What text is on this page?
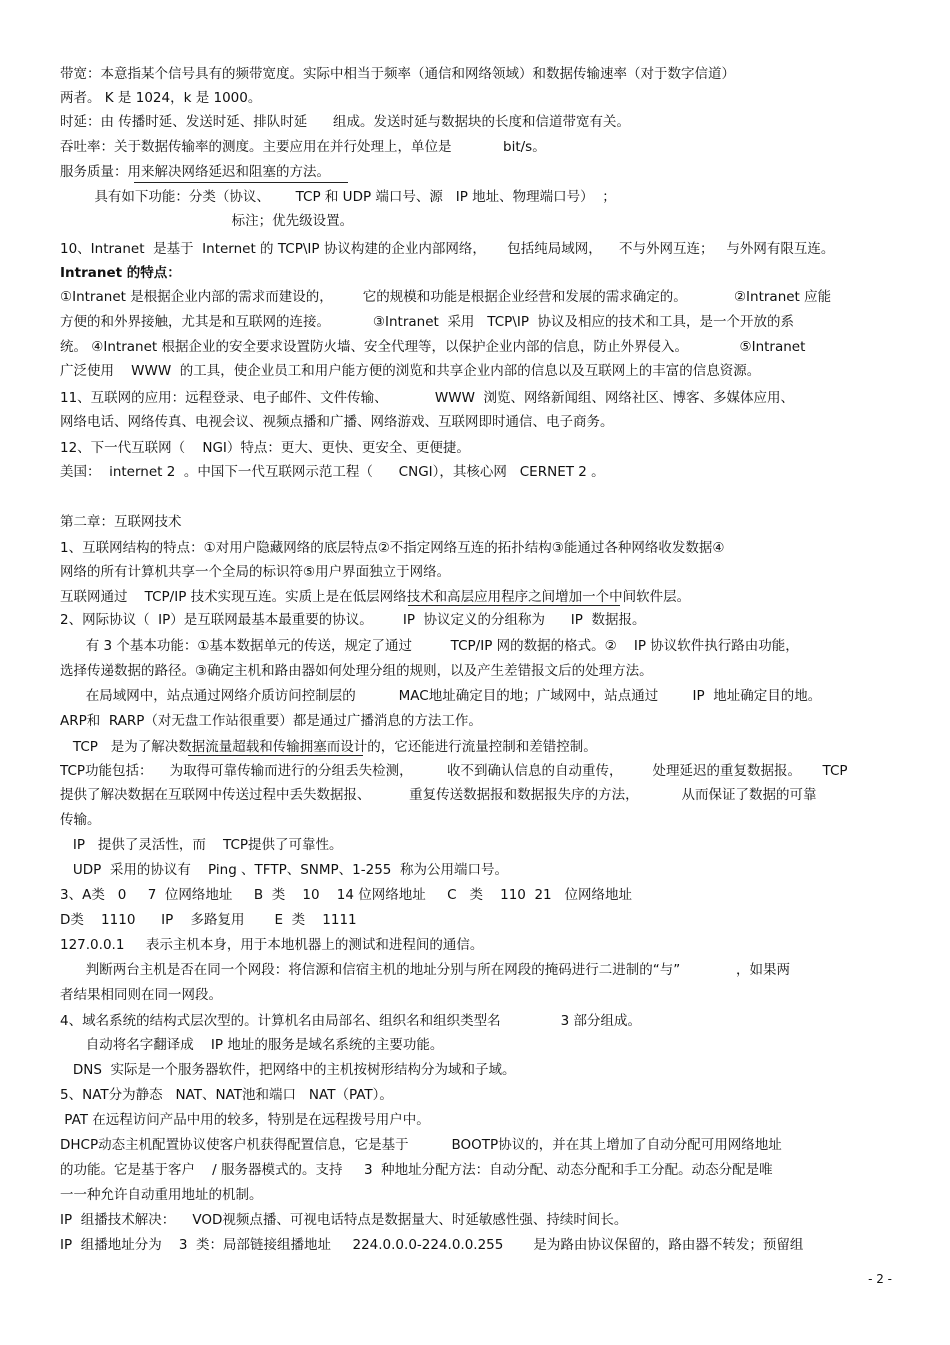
带宽：本意指某个信号具有的频带宽度。实际中相当于频率（通信和网络领域）和数据传输速率（对于数字信道）
两者。 K 是 1024，k 是 1000。
时延：由 传播时延、发送时延、排队时延      组成。发送时延与数据块的长度和信道带宽有关。
吞吐率：关于数据传输率的测度。主要应用在并行处理上，单位是            bit/s。
服务质量：用来解决网络延迟和阻塞的方法。
具有如下功能：分类（协议、      TCP 和 UDP 端口号、源   IP 地址、物理端口号）  ；
标注；优先级设置。
10、Intranet  是基于  Internet 的 TCP\IP 协议构建的企业内部网络，     包括纯局域网，    不与外网互连；   与外网有限互连。
Intranet 的特点：
①Intranet 是根据企业内部的需求而建设的，       它的规模和功能是根据企业经营和发展的需求确定的。           ②Intranet 应能
方便的和外界接触，尤其是和互联网的连接。          ③Intranet  采用   TCP\IP  协议及相应的技术和工具，是一个开放的系
统。 ④Intranet 根据企业的安全要求设置防火墙、安全代理等，以保护企业内部的信息，防止外界侵入。            ⑤Intranet
广泛使用    WWW  的工具，使企业员工和用户能方便的浏览和共享企业内部的信息以及互联网上的丰富的信息资源。
11、互联网的应用：远程登录、电子邮件、文件传输、           WWW  浏览、网络新闻组、网络社区、博客、多媒体应用、
网络电话、网络传真、电视会议、视频点播和广播、网络游戏、互联网即时通信、电子商务。
12、下一代互联网（    NGI）特点：更大、更快、更安全、更便捷。
美国：  internet 2  。中国下一代互联网示范工程（      CNGI），其核心网   CERNET 2 。
第二章：互联网技术
1、互联网结构的特点：①对用户隐藏网络的底层特点②不指定网络互连的拓扑结构③能通过各种网络收发数据④
网络的所有计算机共享一个全局的标识符⑤用户界面独立于网络。
互联网通过    TCP/IP 技术实现互连。实质上是在低层网络技术和高层应用程序之间增加一个中间软件层。
2、网际协议（  IP）是互联网最基本最重要的协议。       IP  协议定义的分组称为      IP  数据报。
有 3 个基本功能：①基本数据单元的传送，规定了通过         TCP/IP 网的数据的格式。②    IP 协议软件执行路由功能，
选择传递数据的路径。③确定主机和路由器如何处理分组的规则，以及产生差错报文后的处理方法。
在局域网中，站点通过网络介质访问控制层的          MAC地址确定目的地；广域网中，站点通过        IP  地址确定目的地。
ARP和  RARP（对无盘工作站很重要）都是通过广播消息的方法工作。
TCP   是为了解决数据流量超载和传输拥塞而设计的，它还能进行流量控制和差错控制。
TCP功能包括：    为取得可靠传输而进行的分组丢失检测，        收不到确认信息的自动重传，       处理延迟的重复数据报。     TCP
提供了解决数据在互联网中传送过程中丢失数据报、         重复传送数据报和数据报失序的方法，          从而保证了数据的可靠
传输。
IP   提供了灵活性，而    TCP提供了可靠性。
UDP  采用的协议有    Ping 、TFTP、SNMP、1-255  称为公用端口号。
3、A类   0     7  位网络地址     B  类    10    14 位网络地址     C   类    110  21   位网络地址
D类    1110      IP    多路复用       E  类    1111
127.0.0.1     表示主机本身，用于本地机器上的测试和进程间的通信。
判断两台主机是否在同一个网段：将信源和信宿主机的地址分别与所在网段的掩码进行二进制的“与”             ，如果两
者结果相同则在同一网段。
4、域名系统的结构式层次型的。计算机名由局部名、组织名和组织类型名              3 部分组成。
自动将名字翻译成    IP 地址的服务是域名系统的主要功能。
DNS  实际是一个服务器软件，把网络中的主机按树形结构分为域和子域。
5、NAT分为静态   NAT、NAT池和端口   NAT（PAT）。
PAT 在远程访问产品中用的较多，特别是在远程拨号用户中。
DHCP动态主机配置协议使客户机获得配置信息，它是基于          BOOTP协议的，并在其上增加了自动分配可用网络地址
的功能。它是基于客户    / 服务器模式的。支持     3  种地址分配方法：自动分配、动态分配和手工分配。动态分配是唯
一一种允许自动重用地址的机制。
IP  组播技术解决：    VOD视频点播、可视电话特点是数据量大、时延敏感性强、持续时间长。
IP  组播地址分为    3  类：局部链接组播地址     224.0.0.0-224.0.0.255       是为路由协议保留的，路由器不转发；预留组
- 2 -
